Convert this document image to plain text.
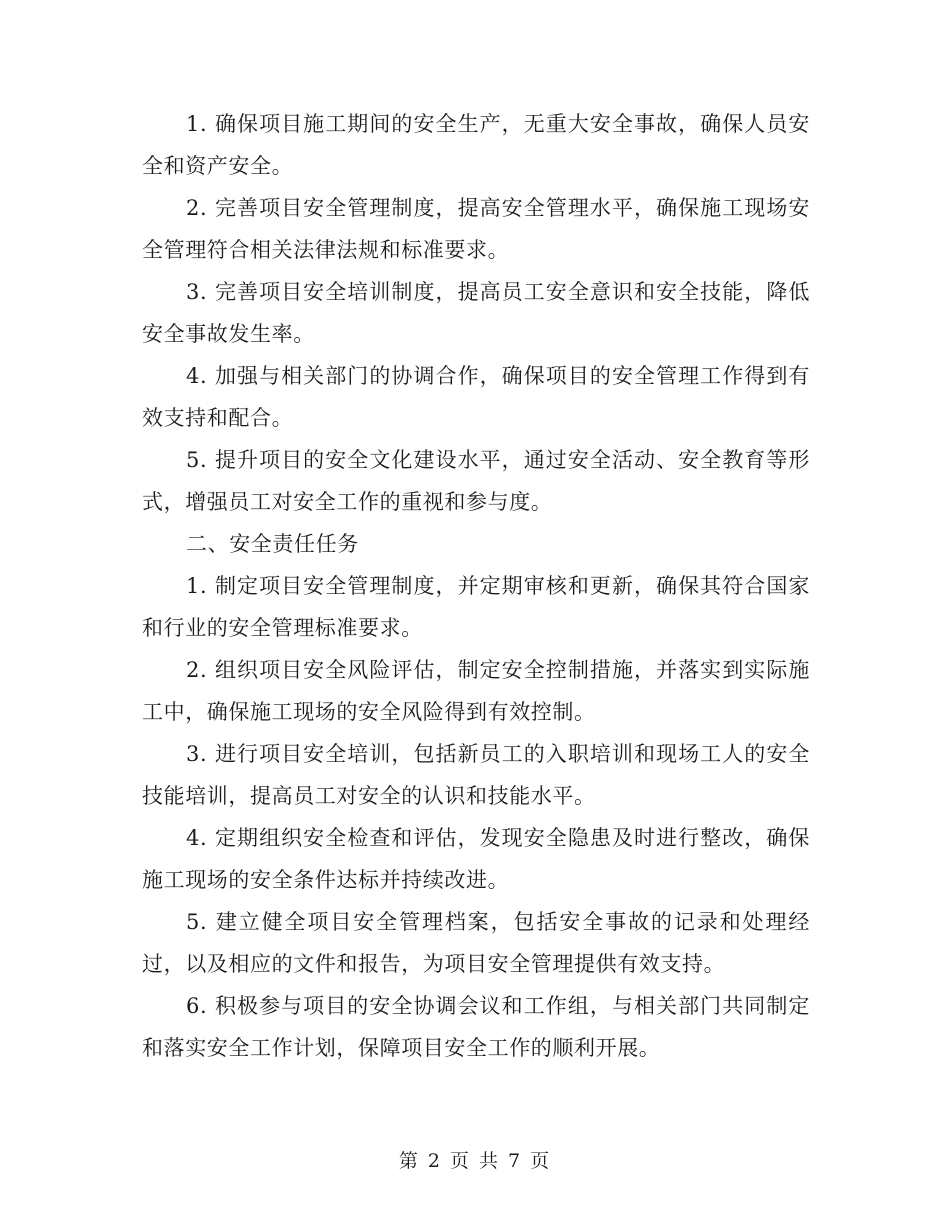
1. 确保项目施工期间的安全生产，无重大安全事故，确保人员安全和资产安全。

2. 完善项目安全管理制度，提高安全管理水平，确保施工现场安全管理符合相关法律法规和标准要求。

3. 完善项目安全培训制度，提高员工安全意识和安全技能，降低安全事故发生率。

4. 加强与相关部门的协调合作，确保项目的安全管理工作得到有效支持和配合。

5. 提升项目的安全文化建设水平，通过安全活动、安全教育等形式，增强员工对安全工作的重视和参与度。

二、安全责任任务

1. 制定项目安全管理制度，并定期审核和更新，确保其符合国家和行业的安全管理标准要求。

2. 组织项目安全风险评估，制定安全控制措施，并落实到实际施工中，确保施工现场的安全风险得到有效控制。

3. 进行项目安全培训，包括新员工的入职培训和现场工人的安全技能培训，提高员工对安全的认识和技能水平。

4. 定期组织安全检查和评估，发现安全隐患及时进行整改，确保施工现场的安全条件达标并持续改进。

5. 建立健全项目安全管理档案，包括安全事故的记录和处理经过，以及相应的文件和报告，为项目安全管理提供有效支持。

6. 积极参与项目的安全协调会议和工作组，与相关部门共同制定和落实安全工作计划，保障项目安全工作的顺利开展。

第 2 页 共 7 页
